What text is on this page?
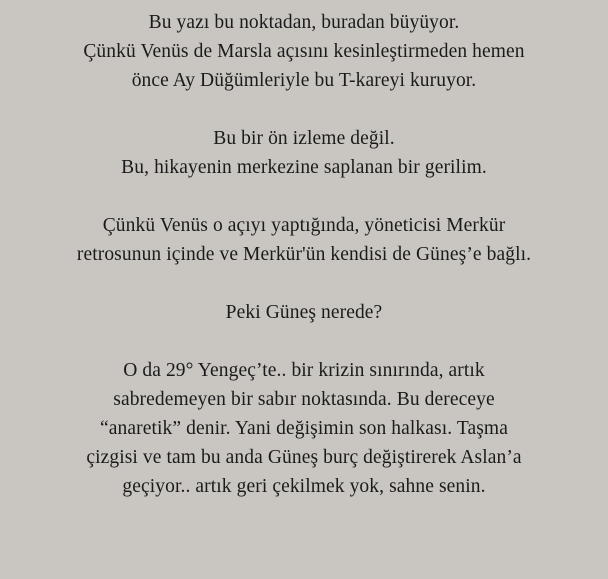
Bu yazı bu noktadan, buradan büyüyor.
Çünkü Venüs de Marsla açısını kesinleştirmeden hemen
önce Ay Düğümleriyle bu T-kareyi kuruyor.
Bu bir ön izleme değil.
Bu, hikayenin merkezine saplanan bir gerilim.
Çünkü Venüs o açıyı yaptığında, yöneticisi Merkür
retrosunun içinde ve Merkür'ün kendisi de Güneş’e bağlı.
Peki Güneş nerede?
O da 29° Yengeç’te.. bir krizin sınırında, artık
sabredemeyen bir sabır noktasında. Bu dereceye
“anaretik” denir. Yani değişimin son halkası. Taşma
çizgisi ve tam bu anda Güneş burç değiştirerek Aslan’a
geçiyor.. artık geri çekilmek yok, sahne senin.
